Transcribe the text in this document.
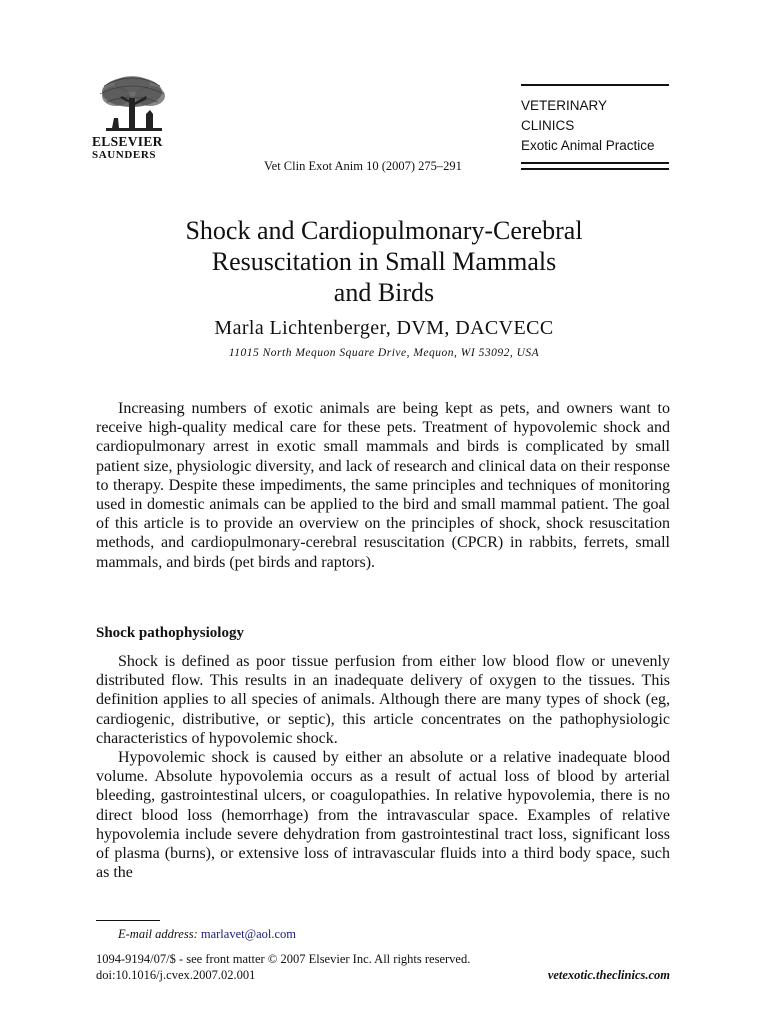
ELSEVIER
SAUNDERS
Vet Clin Exot Anim 10 (2007) 275–291
VETERINARY
CLINICS
Exotic Animal Practice
Shock and Cardiopulmonary-Cerebral
Resuscitation in Small Mammals
and Birds
Marla Lichtenberger, DVM, DACVECC
11015 North Mequon Square Drive, Mequon, WI 53092, USA

Increasing numbers of exotic animals are being kept as pets, and owners want to receive high-quality medical care for these pets. Treatment of hypovolemic shock and cardiopulmonary arrest in exotic small mammals and birds is complicated by small patient size, physiologic diversity, and lack of research and clinical data on their response to therapy. Despite these impediments, the same principles and techniques of monitoring used in domestic animals can be applied to the bird and small mammal patient. The goal of this article is to provide an overview on the principles of shock, shock resuscitation methods, and cardiopulmonary-cerebral resuscitation (CPCR) in rabbits, ferrets, small mammals, and birds (pet birds and raptors).

Shock pathophysiology

Shock is defined as poor tissue perfusion from either low blood flow or unevenly distributed flow. This results in an inadequate delivery of oxygen to the tissues. This definition applies to all species of animals. Although there are many types of shock (eg, cardiogenic, distributive, or septic), this article concentrates on the pathophysiologic characteristics of hypovolemic shock.

Hypovolemic shock is caused by either an absolute or a relative inadequate blood volume. Absolute hypovolemia occurs as a result of actual loss of blood by arterial bleeding, gastrointestinal ulcers, or coagulopathies. In relative hypovolemia, there is no direct blood loss (hemorrhage) from the intravascular space. Examples of relative hypovolemia include severe dehydration from gastrointestinal tract loss, significant loss of plasma (burns), or extensive loss of intravascular fluids into a third body space, such as the

E-mail address: marlavet@aol.com
1094-9194/07/$ - see front matter © 2007 Elsevier Inc. All rights reserved.
doi:10.1016/j.cvex.2007.02.001	vetexotic.theclinics.com
